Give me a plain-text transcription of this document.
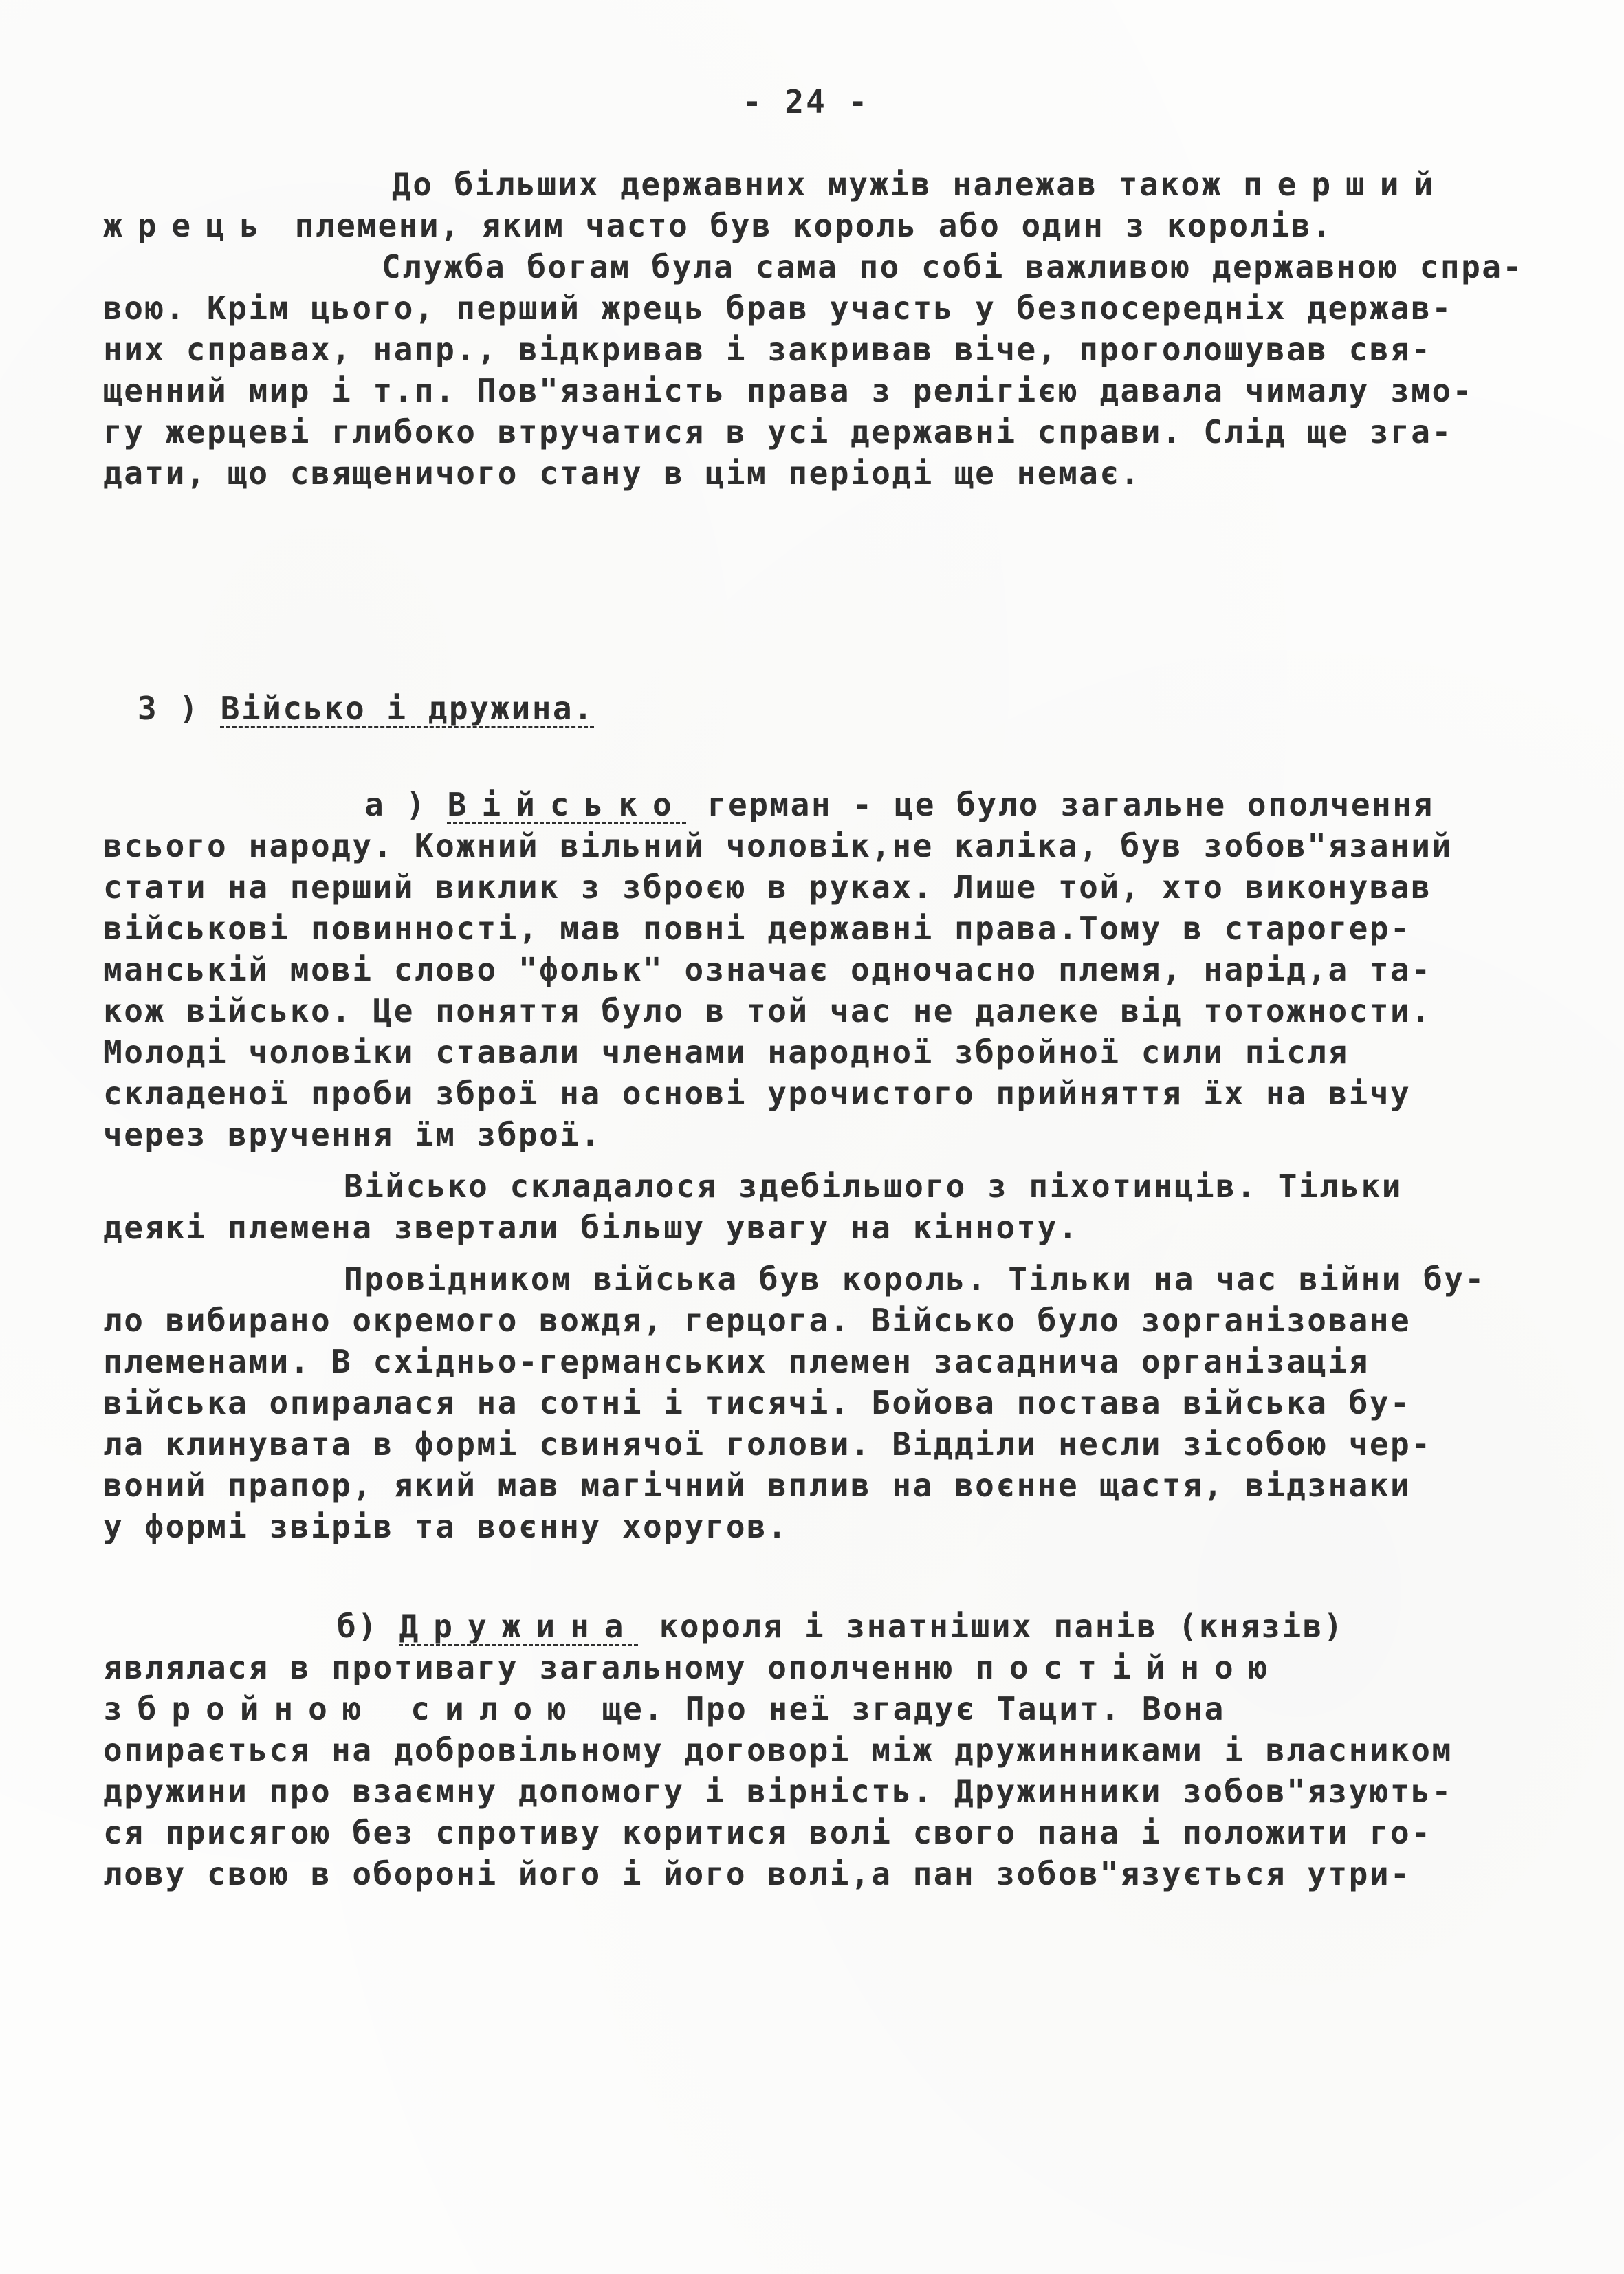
- 24 -
До більших державних мужів належав також перший
жрець племени, яким часто був король або один з королів.
Служба богам була сама по собі важливою державною спра-
вою. Крім цього, перший жрець брав участь у безпосередніх держав-
них справах, напр., відкривав і закривав віче, проголошував свя-
щенний мир і т.п. Пов"язаність права з релігією давала чималу змо-
гу жерцеві глибоко втручатися в усі державні справи. Слід ще зга-
дати, що священичого стану в цім періоді ще немає.
3 ) Військо і дружина.
а ) Військо герман - це було загальне ополчення
всього народу. Кожний вільний чоловік,не каліка, був зобов"язаний
стати на перший виклик з зброєю в руках. Лише той, хто виконував
військові повинності, мав повні державні права.Тому в старогер-
манській мові слово "фольк" означає одночасно племя, нарід,а та-
кож військо. Це поняття було в той час не далеке від тотожности.
Молоді чоловіки ставали членами народної збройної сили після
складеної проби зброї на основі урочистого прийняття їх на вічу
через вручення їм зброї.
Військо складалося здебільшого з піхотинців. Тільки
деякі племена звертали більшу увагу на кінноту.
Провідником війська був король. Тільки на час війни бу-
ло вибирано окремого вождя, герцога. Військо було зорганізоване
племенами. В східньо-германських племен засаднича організація
війська опиралася на сотні і тисячі. Бойова постава війська бу-
ла клинувата в формі свинячої голови. Відділи несли зісобою чер-
воний прапор, який мав магічний вплив на воєнне щастя, відзнаки
у формі звірів та воєнну хоругов.
б) Дружина короля і знатніших панів (князів)
являлася в противагу загальному ополченню постійною
збройною силою ще. Про неї згадує Тацит. Вона
опирається на добровільному договорі між дружинниками і власником
дружини про взаємну допомогу і вірність. Дружинники зобов"язують-
ся присягою без спротиву коритися волі свого пана і положити го-
лову свою в обороні його і його волі,а пан зобов"язується утри-
